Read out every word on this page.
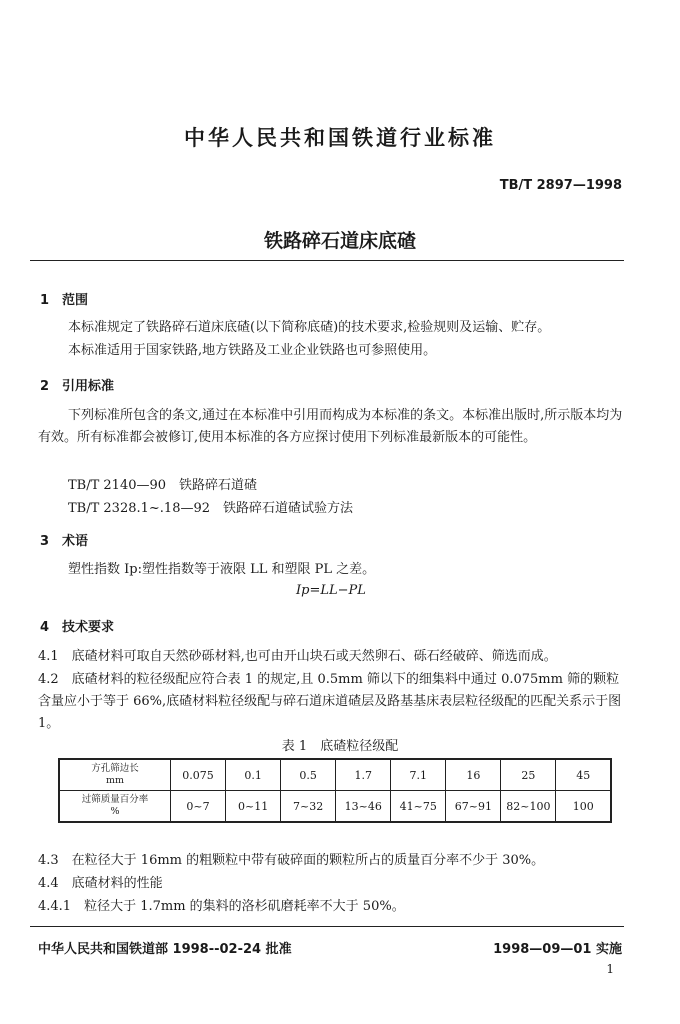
中华人民共和国铁道行业标准
TB/T 2897—1998
铁路碎石道床底碴
1 范围
本标准规定了铁路碎石道床底碴(以下简称底碴)的技术要求,检验规则及运输、贮存。
本标准适用于国家铁路,地方铁路及工业企业铁路也可参照使用。
2 引用标准
下列标准所包含的条文,通过在本标准中引用而构成为本标准的条文。本标准出版时,所示版本均为有效。所有标准都会被修订,使用本标准的各方应探讨使用下列标准最新版本的可能性。
TB/T 2140—90　铁路碎石道碴
TB/T 2328.1~.18—92　铁路碎石道碴试验方法
3 术语
塑性指数 Ip:塑性指数等于液限 LL 和塑限 PL 之差。
Ip=LL−PL
4 技术要求
4.1　底碴材料可取自天然砂砾材料,也可由开山块石或天然卵石、砾石经破碎、筛选而成。
4.2　底碴材料的粒径级配应符合表 1 的规定,且 0.5mm 筛以下的细集料中通过 0.075mm 筛的颗粒含量应小于等于 66%,底碴材料粒径级配与碎石道床道碴层及路基基床表层粒径级配的匹配关系示于图 1。
表 1　底碴粒径级配
方孔筛边长
mm	0.075	0.1	0.5	1.7	7.1	16	25	45
过筛质量百分率
%	0~7	0~11	7~32	13~46	41~75	67~91	82~100	100
4.3　在粒径大于 16mm 的粗颗粒中带有破碎面的颗粒所占的质量百分率不少于 30%。
4.4　底碴材料的性能
4.4.1　粒径大于 1.7mm 的集料的洛杉矶磨耗率不大于 50%。
中华人民共和国铁道部 1998--02-24 批准	1998—09—01 实施
1
